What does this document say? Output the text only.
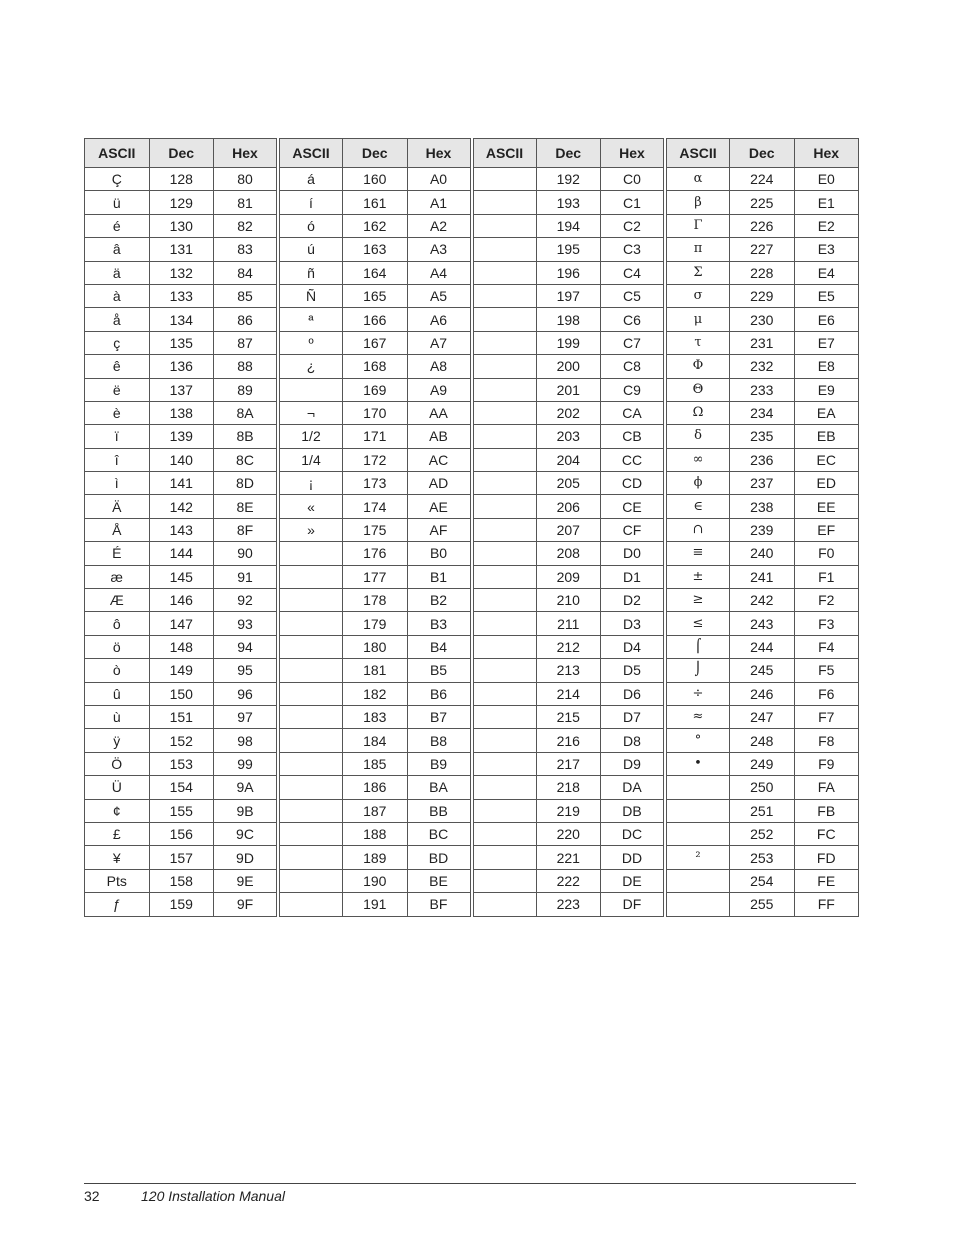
ASCII	Dec	Hex	ASCII	Dec	Hex	ASCII	Dec	Hex	ASCII	Dec	Hex
Ç	128	80	á	160	A0		192	C0	α	224	E0
ü	129	81	í	161	A1		193	C1	β	225	E1
é	130	82	ó	162	A2		194	C2	Γ	226	E2
â	131	83	ú	163	A3		195	C3	π	227	E3
ä	132	84	ñ	164	A4		196	C4	Σ	228	E4
à	133	85	Ñ	165	A5		197	C5	σ	229	E5
å	134	86	ª	166	A6		198	C6	μ	230	E6
ç	135	87	º	167	A7		199	C7	τ	231	E7
ê	136	88	¿	168	A8		200	C8	Φ	232	E8
ë	137	89		169	A9		201	C9	Θ	233	E9
è	138	8A	¬	170	AA		202	CA	Ω	234	EA
ï	139	8B	1/2	171	AB		203	CB	δ	235	EB
î	140	8C	1/4	172	AC		204	CC	∞	236	EC
ì	141	8D	¡	173	AD		205	CD	ϕ	237	ED
Ä	142	8E	«	174	AE		206	CE	∈	238	EE
Å	143	8F	»	175	AF		207	CF	∩	239	EF
É	144	90		176	B0		208	D0	≡	240	F0
æ	145	91		177	B1		209	D1	±	241	F1
Æ	146	92		178	B2		210	D2	≥	242	F2
ô	147	93		179	B3		211	D3	≤	243	F3
ö	148	94		180	B4		212	D4	⌠	244	F4
ò	149	95		181	B5		213	D5	⌡	245	F5
û	150	96		182	B6		214	D6	÷	246	F6
ù	151	97		183	B7		215	D7	≈	247	F7
ÿ	152	98		184	B8		216	D8	°	248	F8
Ö	153	99		185	B9		217	D9	•	249	F9
Ü	154	9A		186	BA		218	DA		250	FA
¢	155	9B		187	BB		219	DB		251	FB
£	156	9C		188	BC		220	DC		252	FC
¥	157	9D		189	BD		221	DD	²	253	FD
Pts	158	9E		190	BE		222	DE		254	FE
ƒ	159	9F		191	BF		223	DF		255	FF
32	120 Installation Manual
